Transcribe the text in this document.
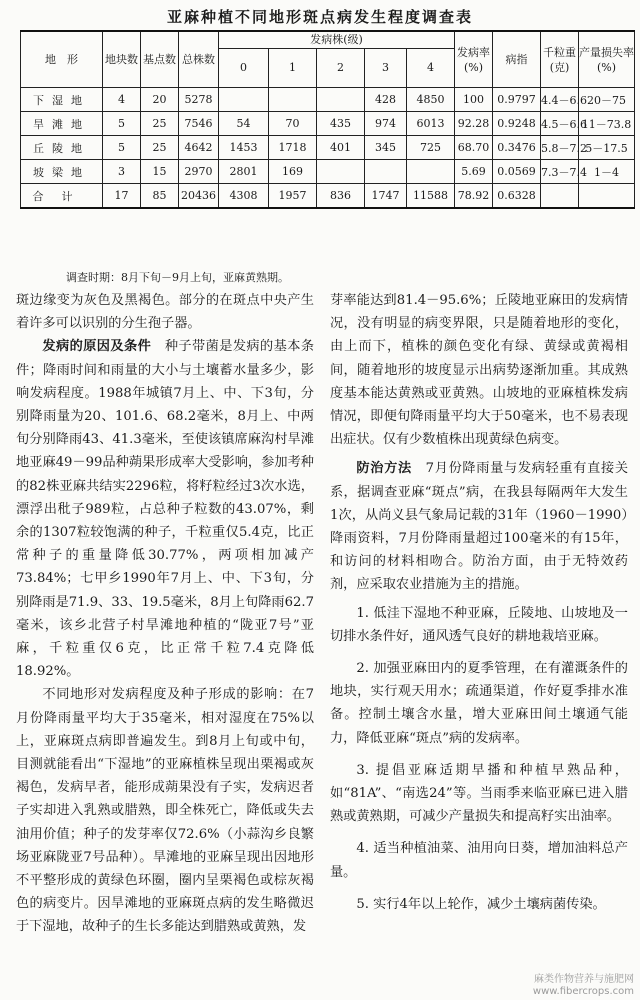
亚麻种植不同地形斑点病发生程度调查表
地　形	地块数	基点数	总株数	发病株(级)					发病率(%)	病指	千粒重(克)	产量损失率(%)
				0	1	2	3	4				
下湿地	4	20	5278				428	4850	100	0.9797	4.4－6.6	20－75
旱滩地	5	25	7546	54	70	435	974	6013	92.28	0.9248	4.5－6.6	11－73.8
丘陵地	5	25	4642	1453	1718	401	345	725	68.70	0.3476	5.8－7.2	5－17.5
坡梁地	3	15	2970	2801	169				5.69	0.0569	7.3－7.4	1－4
合计	17	85	20436	4308	1957	836	1747	11588	78.92	0.6328		
调查时期：8月下旬－9月上旬，亚麻黄熟期。

斑边缘变为灰色及黑褐色。部分的在斑点中央产生着许多可以识别的分生孢子器。

发病的原因及条件　 种子带菌是发病的基本条件；降雨时间和雨量的大小与土壤蓄水量多少，影响发病程度。1988年城镇7月上、中、下3旬，分别降雨量为20、101.6、68.2毫米，8月上、中两旬分别降雨43、41.3毫米，至使该镇席麻沟村旱滩地亚麻49－99品种蒴果形成率大受影响，参加考种的82株亚麻共结实2296粒，将籽粒经过3次水选，漂浮出秕子989粒，占总种子粒数的43.07%，剩余的1307粒较饱满的种子，千粒重仅5.4克，比正常种子的重量降低30.77%，两项相加减产73.84%；七甲乡1990年7月上、中、下3旬，分别降雨是71.9、33、19.5毫米，8月上旬降雨62.7毫米，该乡北营子村旱滩地种植的“陇亚7号”亚麻，千粒重仅6克，比正常千粒7.4克降低18.92%。

不同地形对发病程度及种子形成的影响：在7月份降雨量平均大于35毫米，相对湿度在75%以上，亚麻斑点病即普遍发生。到8月上旬或中旬，目测就能看出“下湿地”的亚麻植株呈现出栗褐或灰褐色，发病早者，能形成蒴果没有子实，发病迟者子实却进入乳熟或腊熟，即全株死亡，降低或失去油用价值；种子的发芽率仅72.6%（小蒜沟乡良繁场亚麻陇亚7号品种）。旱滩地的亚麻呈现出因地形不平整形成的黄绿色环圈，圈内呈栗褐色或棕灰褐色的病变片。因旱滩地的亚麻斑点病的发生略微迟于下湿地，故种子的生长多能达到腊熟或黄熟，发

芽率能达到81.4－95.6%；丘陵地亚麻田的发病情况，没有明显的病变界限，只是随着地形的变化，由上而下，植株的颜色变化有绿、黄绿或黄褐相间，随着地形的坡度显示出病势逐渐加重。其成熟度基本能达黄熟或亚黄熟。山坡地的亚麻植株发病情况，即便旬降雨量平均大于50毫米，也不易表现出症状。仅有少数植株出现黄绿色病变。

防治方法　 7月份降雨量与发病轻重有直接关系，据调查亚麻“斑点”病，在我县每隔两年大发生1次，从尚义县气象局记载的31年（1960－1990）降雨资料，7月份降雨量超过100毫米的有15年，和访问的材料相吻合。防治方面，由于无特效药剂，应采取农业措施为主的措施。

1. 低洼下湿地不种亚麻，丘陵地、山坡地及一切排水条件好，通风透气良好的耕地栽培亚麻。

2. 加强亚麻田内的夏季管理，在有灌溉条件的地块，实行观天用水；疏通渠道，作好夏季排水准备。控制土壤含水量，增大亚麻田间土壤通气能力，降低亚麻“斑点”病的发病率。

3. 提倡亚麻适期早播和种植早熟品种，如“81A”、“南选24”等。当雨季来临亚麻已进入腊熟或黄熟期，可减少产量损失和提高籽实出油率。

4. 适当种植油菜、油用向日葵，增加油料总产量。

5. 实行4年以上轮作，减少土壤病菌传染。

麻类作物营养与施肥网
www.fibercrops.com
